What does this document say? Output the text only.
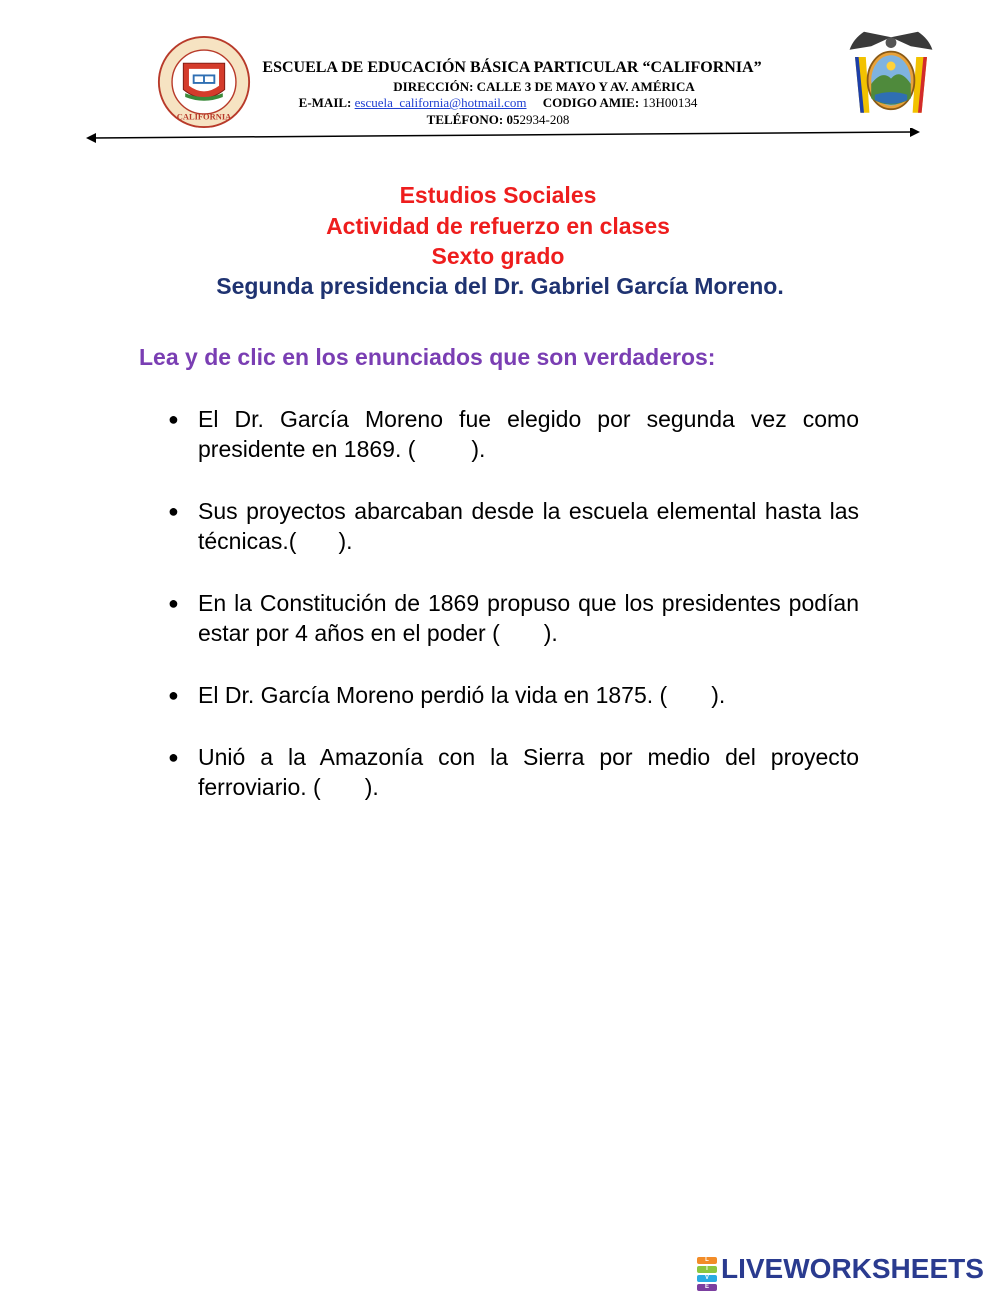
CALIFORNIA
ESCUELA DE EDUCACIÓN BÁSICA PARTICULAR “CALIFORNIA”
DIRECCIÓN: CALLE 3 DE MAYO Y AV. AMÉRICA
E-MAIL: escuela_california@hotmail.com CODIGO AMIE: 13H00134
TELÉFONO: 052934-208
Estudios Sociales
Actividad de refuerzo en clases
Sexto grado
Segunda presidencia del Dr. Gabriel García Moreno.
Lea y de clic en los enunciados que son verdaderos:
● El Dr. García Moreno fue elegido por segunda vez como presidente en 1869. ( ).
● Sus proyectos abarcaban desde la escuela elemental hasta las técnicas.( ).
● En la Constitución de 1869 propuso que los presidentes podían estar por 4 años en el poder ( ).
● El Dr. García Moreno perdió la vida en 1875. ( ).
● Unió a la Amazonía con la Sierra por medio del proyecto ferroviario. ( ).
L
I
V
E
LIVEWORKSHEETS
